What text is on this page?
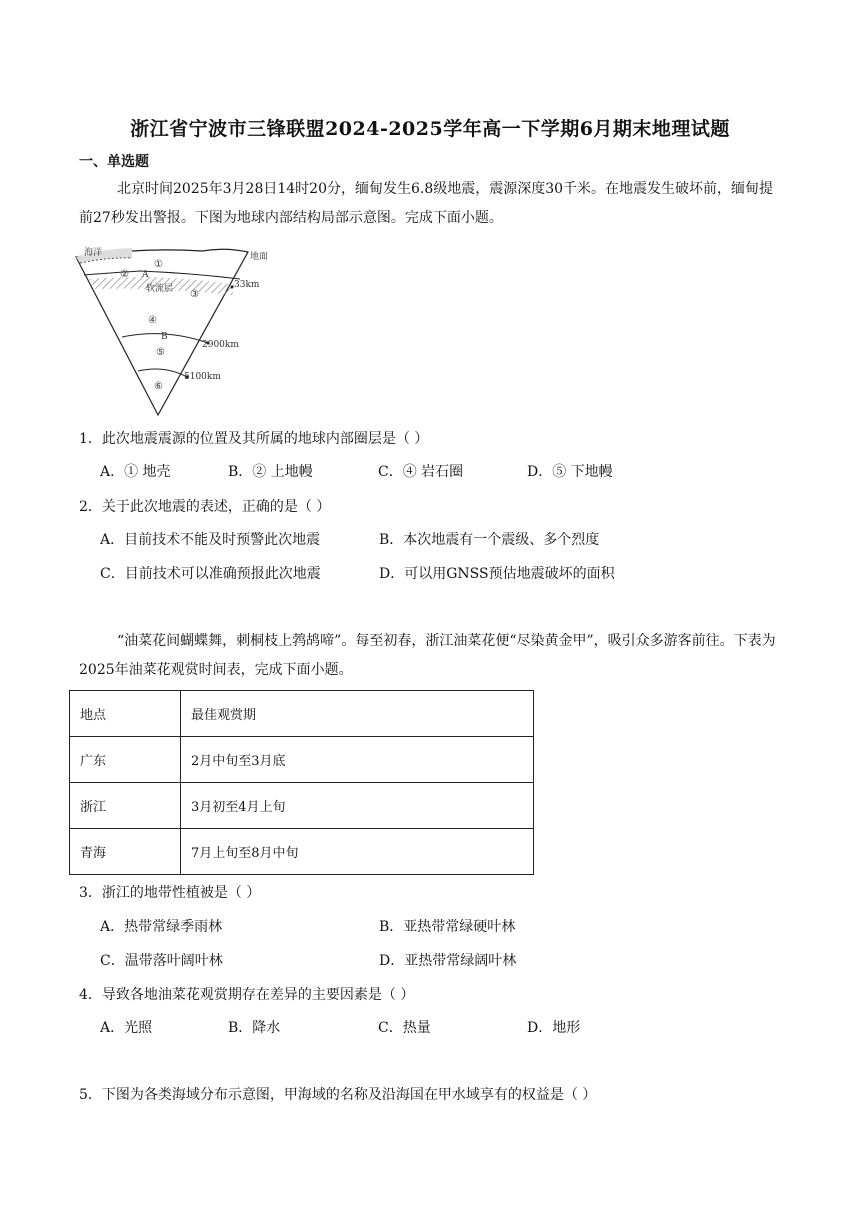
浙江省宁波市三锋联盟2024-2025学年高一下学期6月期末地理试题
一、单选题
北京时间2025年3月28日14时20分，缅甸发生6.8级地震，震源深度30千米。在地震发生破坏前，缅甸提前27秒发出警报。下图为地球内部结构局部示意图。完成下面小题。
海洋	地面
①
② A
软流层 ③
33km
④
B
⑤
2900km
⑥
5100km
1．此次地震震源的位置及其所属的地球内部圈层是（ ）
A．① 地壳	B．② 上地幔	C．④ 岩石圈	D．⑤ 下地幔
2．关于此次地震的表述，正确的是（ ）
A．目前技术不能及时预警此次地震	B．本次地震有一个震级、多个烈度
C．目前技术可以准确预报此次地震	D．可以用GNSS预估地震破坏的面积
“油菜花间蝴蝶舞，刺桐枝上鹁鸪啼”。每至初春，浙江油菜花便“尽染黄金甲”，吸引众多游客前往。下表为2025年油菜花观赏时间表，完成下面小题。
地点	最佳观赏期
广东	2月中旬至3月底
浙江	3月初至4月上旬
青海	7月上旬至8月中旬
3．浙江的地带性植被是（ ）
A．热带常绿季雨林	B．亚热带常绿硬叶林
C．温带落叶阔叶林	D．亚热带常绿阔叶林
4．导致各地油菜花观赏期存在差异的主要因素是（ ）
A．光照	B．降水	C．热量	D．地形
5．下图为各类海域分布示意图，甲海域的名称及沿海国在甲水域享有的权益是（ ）
